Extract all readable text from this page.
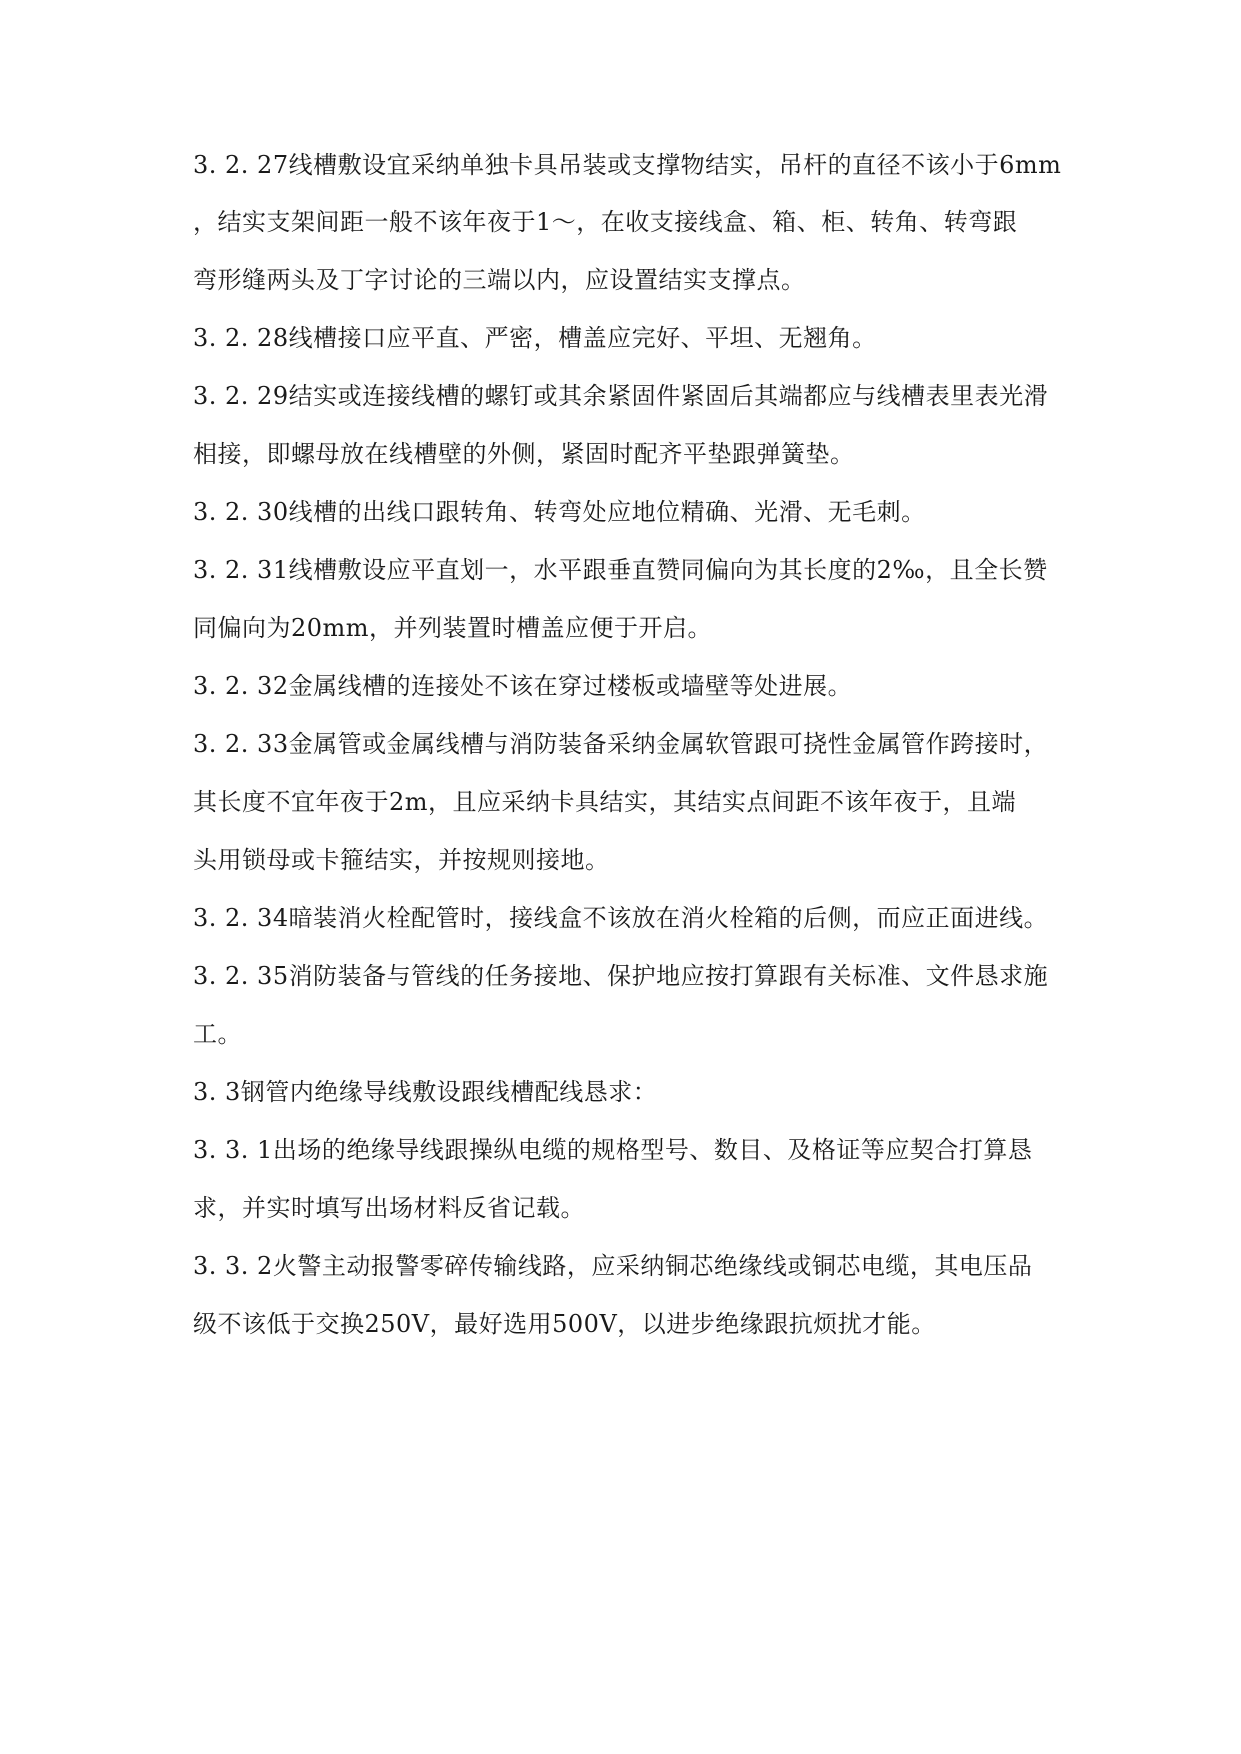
3. 2. 27线槽敷设宜采纳单独卡具吊装或支撑物结实，吊杆的直径不该小于6mm
，结实支架间距一般不该年夜于1～，在收支接线盒、箱、柜、转角、转弯跟
弯形缝两头及丁字讨论的三端以内，应设置结实支撑点。
3. 2. 28线槽接口应平直、严密，槽盖应完好、平坦、无翘角。
3. 2. 29结实或连接线槽的螺钉或其余紧固件紧固后其端都应与线槽表里表光滑
相接，即螺母放在线槽壁的外侧，紧固时配齐平垫跟弹簧垫。
3. 2. 30线槽的出线口跟转角、转弯处应地位精确、光滑、无毛刺。
3. 2. 31线槽敷设应平直划一，水平跟垂直赞同偏向为其长度的2‰，且全长赞
同偏向为20mm，并列装置时槽盖应便于开启。
3. 2. 32金属线槽的连接处不该在穿过楼板或墙壁等处进展。
3. 2. 33金属管或金属线槽与消防装备采纳金属软管跟可挠性金属管作跨接时，
其长度不宜年夜于2m，且应采纳卡具结实，其结实点间距不该年夜于，且端
头用锁母或卡箍结实，并按规则接地。
3. 2. 34暗装消火栓配管时，接线盒不该放在消火栓箱的后侧，而应正面进线。
3. 2. 35消防装备与管线的任务接地、保护地应按打算跟有关标准、文件恳求施
工。
3. 3钢管内绝缘导线敷设跟线槽配线恳求：
3. 3. 1出场的绝缘导线跟操纵电缆的规格型号、数目、及格证等应契合打算恳
求，并实时填写出场材料反省记载。
3. 3. 2火警主动报警零碎传输线路，应采纳铜芯绝缘线或铜芯电缆，其电压品
级不该低于交换250V，最好选用500V，以进步绝缘跟抗烦扰才能。
